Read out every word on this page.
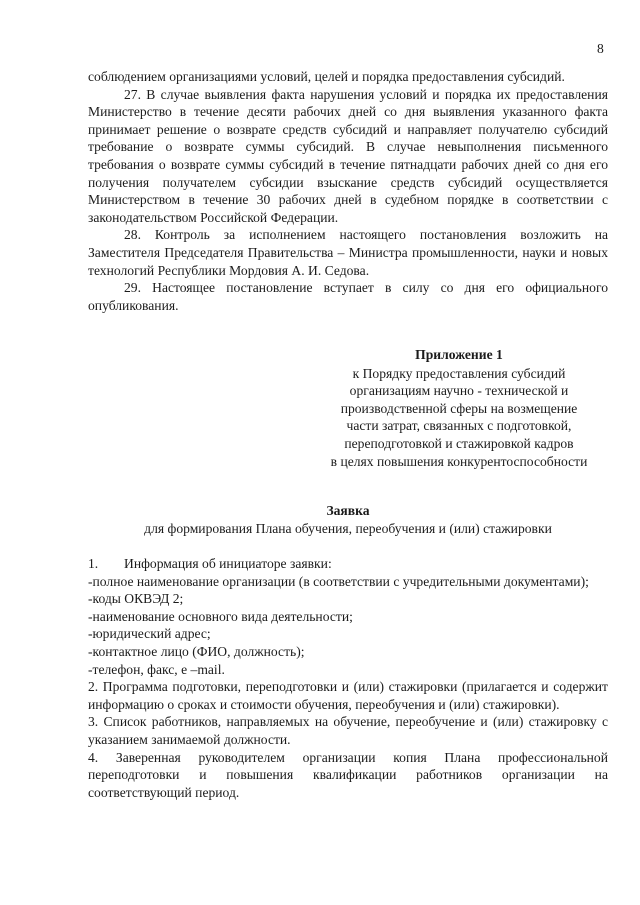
8

соблюдением организациями условий, целей и порядка предоставления субсидий.

27. В случае выявления факта нарушения условий и порядка их предоставления Министерство в течение десяти рабочих дней со дня выявления указанного факта принимает решение о возврате средств субсидий и направляет получателю субсидий требование о возврате суммы субсидий. В случае невыполнения письменного требования о возврате суммы субсидий в течение пятнадцати рабочих дней со дня его получения получателем субсидии взыскание средств субсидий осуществляется Министерством в течение 30 рабочих дней в судебном порядке в соответствии с законодательством Российской Федерации.

28. Контроль за исполнением настоящего постановления возложить на Заместителя Председателя Правительства – Министра промышленности, науки и новых технологий Республики Мордовия А. И. Седова.

29. Настоящее постановление вступает в силу со дня его официального опубликования.

Приложение 1

к Порядку предоставления субсидий

организациям научно - технической и

производственной сферы на возмещение

части затрат, связанных с подготовкой,

переподготовкой и стажировкой кадров

в целях повышения конкурентоспособности

Заявка

для формирования Плана обучения, переобучения и (или) стажировки

1. Информация об инициаторе заявки:

-полное наименование организации (в соответствии с учредительными документами);

-коды ОКВЭД 2;

-наименование основного вида деятельности;

-юридический адрес;

-контактное лицо (ФИО, должность);

-телефон, факс, e –mail.

2. Программа подготовки, переподготовки и (или) стажировки (прилагается и содержит информацию о сроках и стоимости обучения, переобучения и (или) стажировки).

3. Список работников, направляемых на обучение, переобучение и (или) стажировку с указанием занимаемой должности.

4. Заверенная руководителем организации копия Плана профессиональной переподготовки и повышения квалификации работников организации на соответствующий период.
